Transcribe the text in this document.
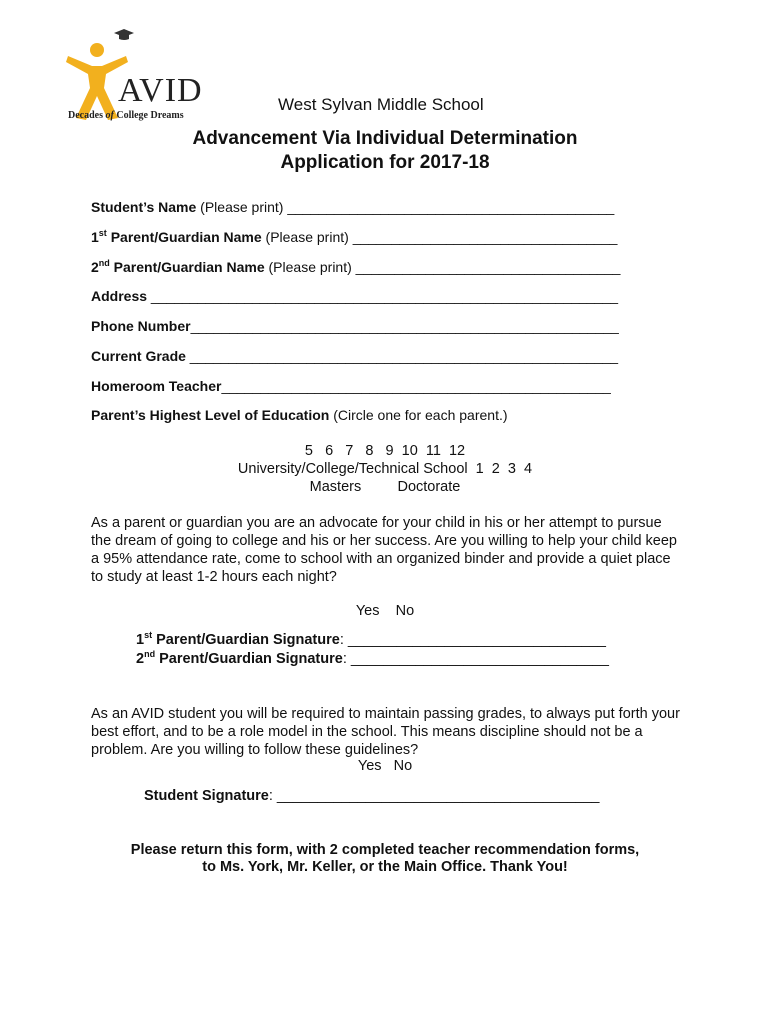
AVID
Decades of College Dreams
West Sylvan Middle School
Advancement Via Individual Determination
Application for 2017-18
Student’s Name (Please print) __________________________________________
1st Parent/Guardian Name (Please print) __________________________________
2nd Parent/Guardian Name (Please print) __________________________________
Address ____________________________________________________________
Phone Number_______________________________________________________
Current Grade _______________________________________________________
Homeroom Teacher__________________________________________________
Parent’s Highest Level of Education (Circle one for each parent.)
5   6   7   8   9  10  11  12
University/College/Technical School  1  2  3  4
Masters         Doctorate
As a parent or guardian you are an advocate for your child in his or her attempt to pursue the dream of going to college and his or her success. Are you willing to help your child keep a 95% attendance rate, come to school with an organized binder and provide a quiet place to study at least 1-2 hours each night?
Yes    No
1st Parent/Guardian Signature: ________________________________
2nd Parent/Guardian Signature: ________________________________
As an AVID student you will be required to maintain passing grades, to always put forth your best effort, and to be a role model in the school. This means discipline should not be a problem. Are you willing to follow these guidelines?
Yes   No
Student Signature: ________________________________________
Please return this form, with 2 completed teacher recommendation forms,
to Ms. York, Mr. Keller, or the Main Office. Thank You!
